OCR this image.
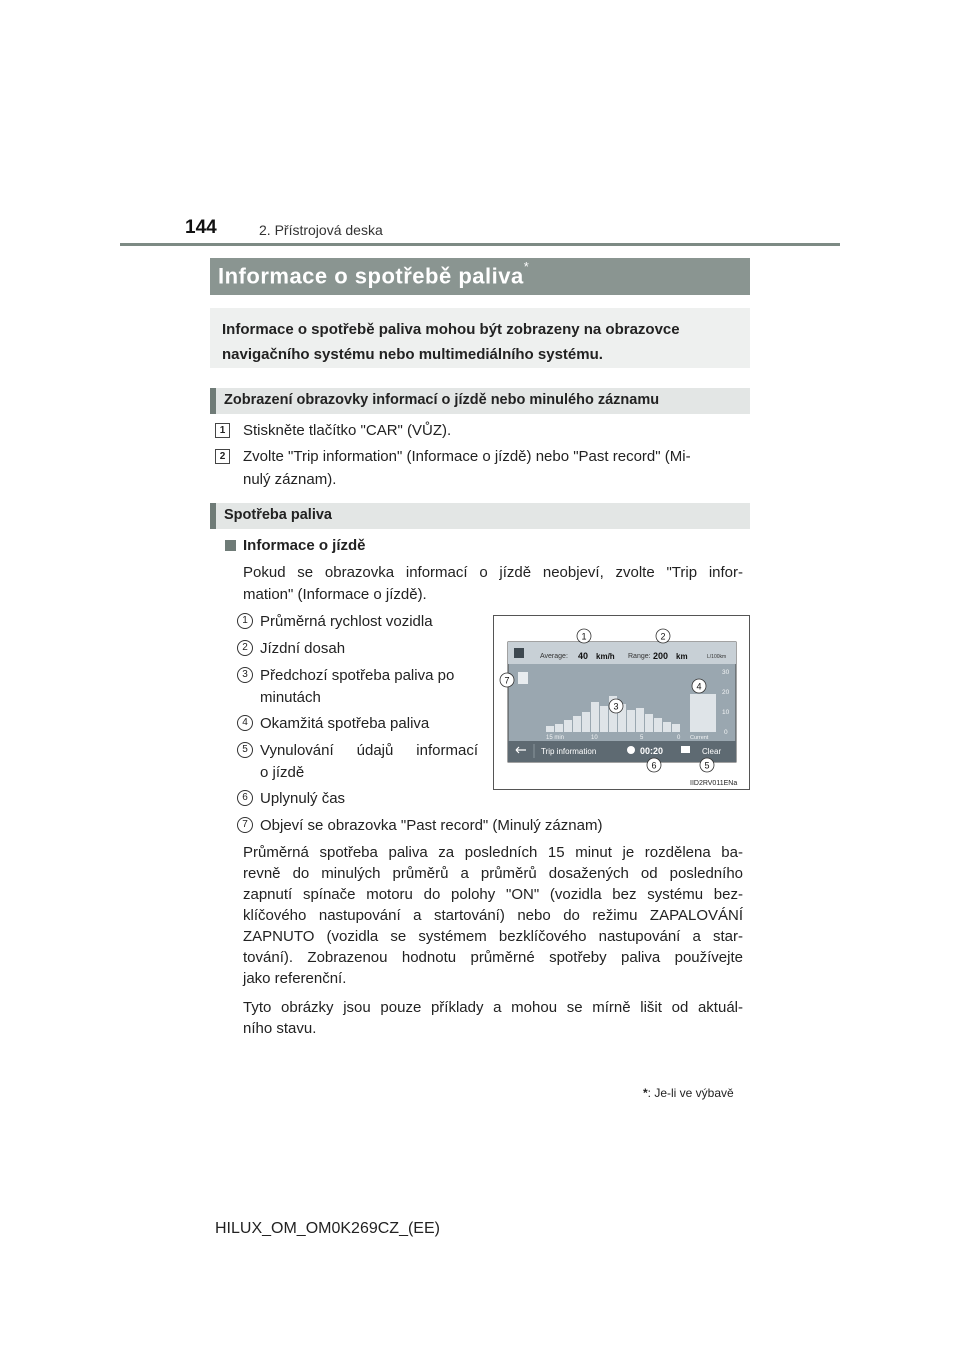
144	2. Přístrojová deska
Informace o spotřebě paliva*

Informace o spotřebě paliva mohou být zobrazeny na obrazovce navigačního systému nebo multimediálního systému.

Zobrazení obrazovky informací o jízdě nebo minulého záznamu
1	Stiskněte tlačítko "CAR" (VŮZ).
2	Zvolte "Trip information" (Informace o jízdě) nebo "Past record" (Mi-
nulý záznam).
Spotřeba paliva
Informace o jízdě
Pokud se obrazovka informací o jízdě neobjeví, zvolte "Trip infor-
mation" (Informace o jízdě).
1 Průměrná rychlost vozidla
2 Jízdní dosah
3 Předchozí spotřeba paliva po
minutách
4 Okamžitá spotřeba paliva
5 Vynulování údajů informací
o jízdě
6 Uplynulý čas
7 Objeví se obrazovka "Past record" (Minulý záznam)
Průměrná spotřeba paliva za posledních 15 minut je rozdělena ba-
revně do minulých průměrů a průměrů dosažených od posledního
zapnutí spínače motoru do polohy "ON" (vozidla bez systému bez-
klíčového nastupování a startování) nebo do režimu ZAPALOVÁNÍ
ZAPNUTO (vozidla se systémem bezklíčového nastupování a star-
tování). Zobrazenou hodnotu průměrné spotřeby paliva používejte
jako referenční.
Tyto obrázky jsou pouze příklady a mohou se mírně lišit od aktuál-
ního stavu.
Average: 40 km/h Range: 200 km	L/100km
30
20
10
0
15 min	10	5	0 Current
Trip information	00:20	Clear
1	2
3
4
5
6
7
IID2RV011ENa
*: Je-li ve výbavě
HILUX_OM_OM0K269CZ_(EE)
